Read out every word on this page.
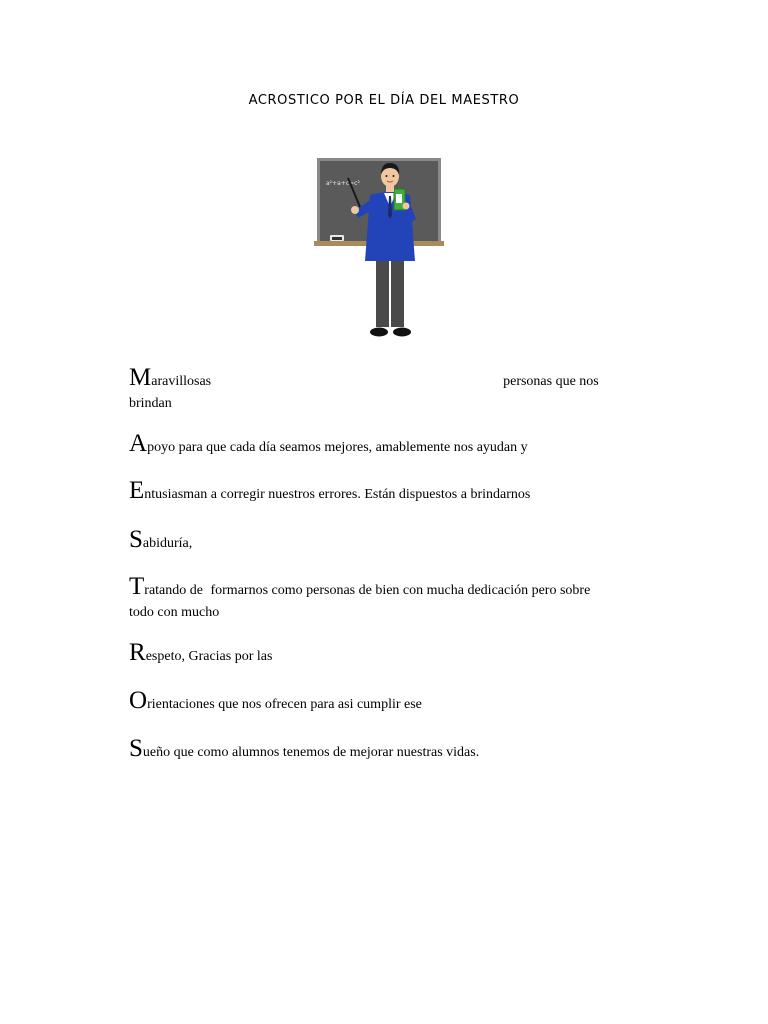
ACROSTICO POR EL DÍA DEL MAESTRO
a²+a+c=c²
Maravillosas	personas que nos
brindan
Apoyo para que cada día seamos mejores, amablemente nos ayudan y
Entusiasman a corregir nuestros errores. Están dispuestos a brindarnos
Sabiduría,
Tratando de formarnos como personas de bien con mucha dedicación pero sobre
todo con mucho
Respeto, Gracias por las
Orientaciones que nos ofrecen para asi cumplir ese
Sueño que como alumnos tenemos de mejorar nuestras vidas.
